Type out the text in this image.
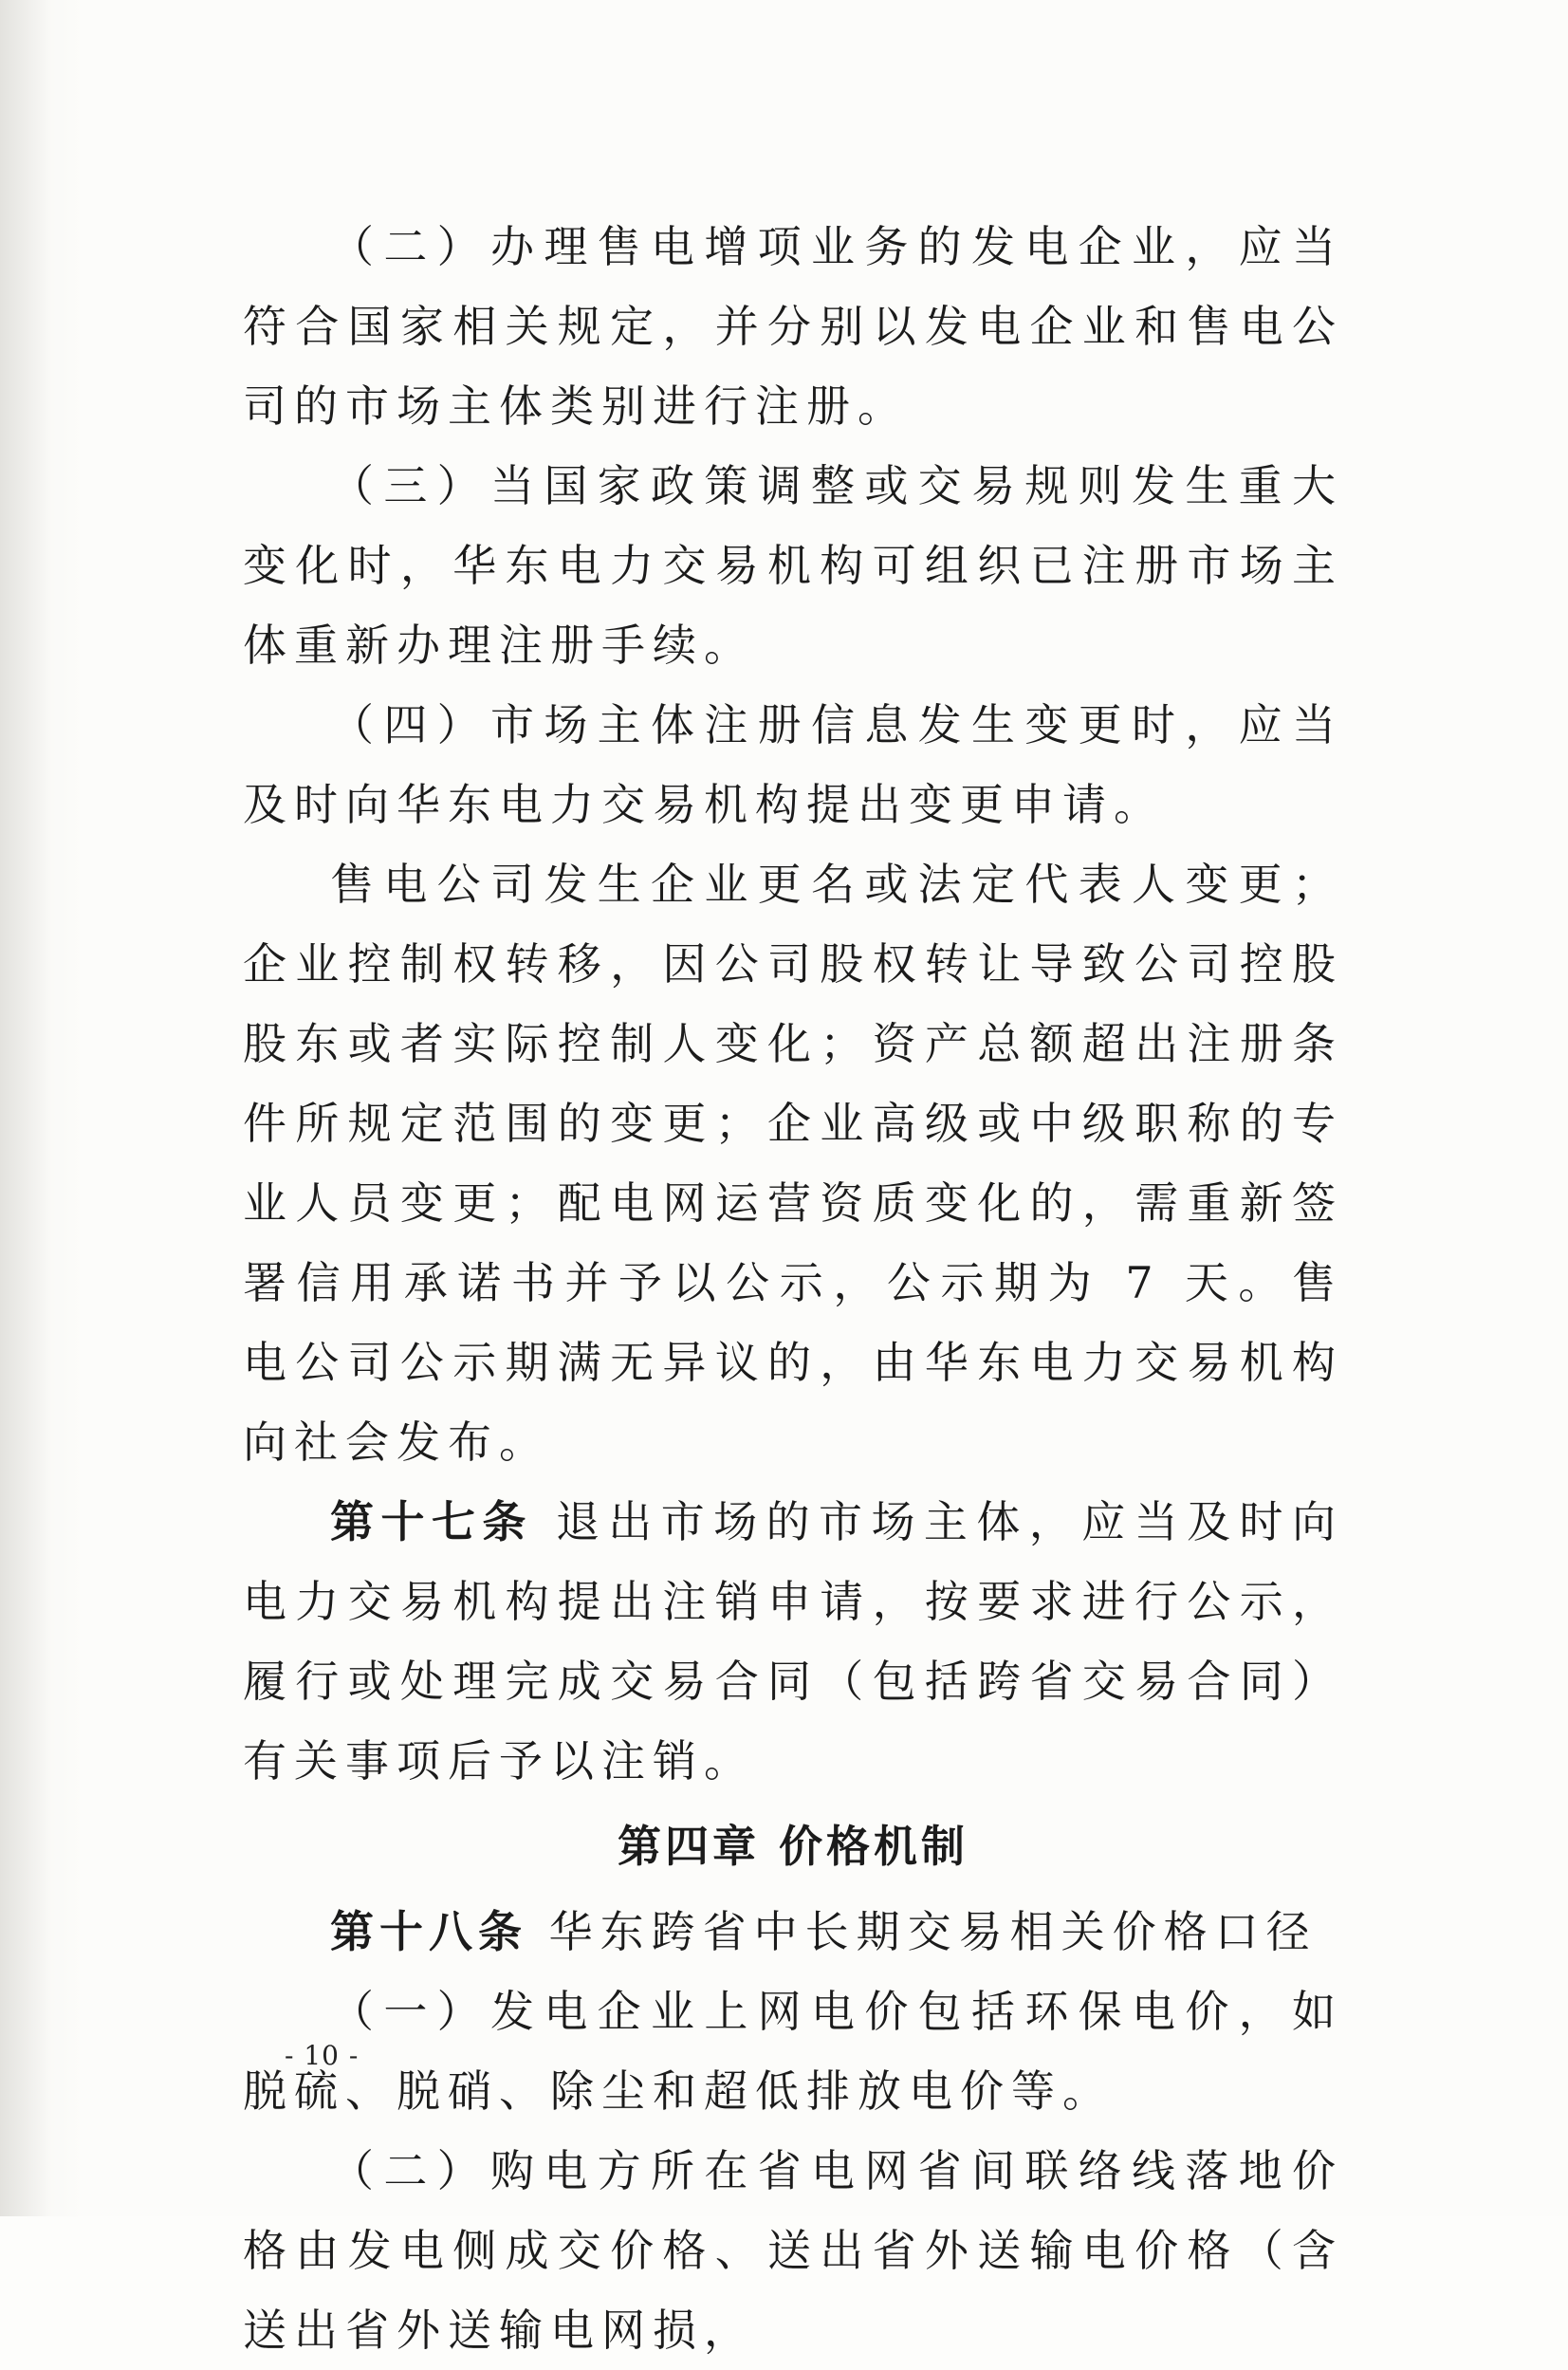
（二）办理售电增项业务的发电企业，应当符合国家相关规定，并分别以发电企业和售电公司的市场主体类别进行注册。

（三）当国家政策调整或交易规则发生重大变化时，华东电力交易机构可组织已注册市场主体重新办理注册手续。

（四）市场主体注册信息发生变更时，应当及时向华东电力交易机构提出变更申请。

售电公司发生企业更名或法定代表人变更；企业控制权转移，因公司股权转让导致公司控股股东或者实际控制人变化；资产总额超出注册条件所规定范围的变更；企业高级或中级职称的专业人员变更；配电网运营资质变化的，需重新签署信用承诺书并予以公示，公示期为 7 天。售电公司公示期满无异议的，由华东电力交易机构向社会发布。

第十七条 退出市场的市场主体，应当及时向电力交易机构提出注销申请，按要求进行公示，履行或处理完成交易合同（包括跨省交易合同）有关事项后予以注销。

第四章 价格机制

第十八条 华东跨省中长期交易相关价格口径

（一）发电企业上网电价包括环保电价，如脱硫、脱硝、除尘和超低排放电价等。

（二）购电方所在省电网省间联络线落地价格由发电侧成交价格、送出省外送输电价格（含送出省外送输电网损，

- 10 -
